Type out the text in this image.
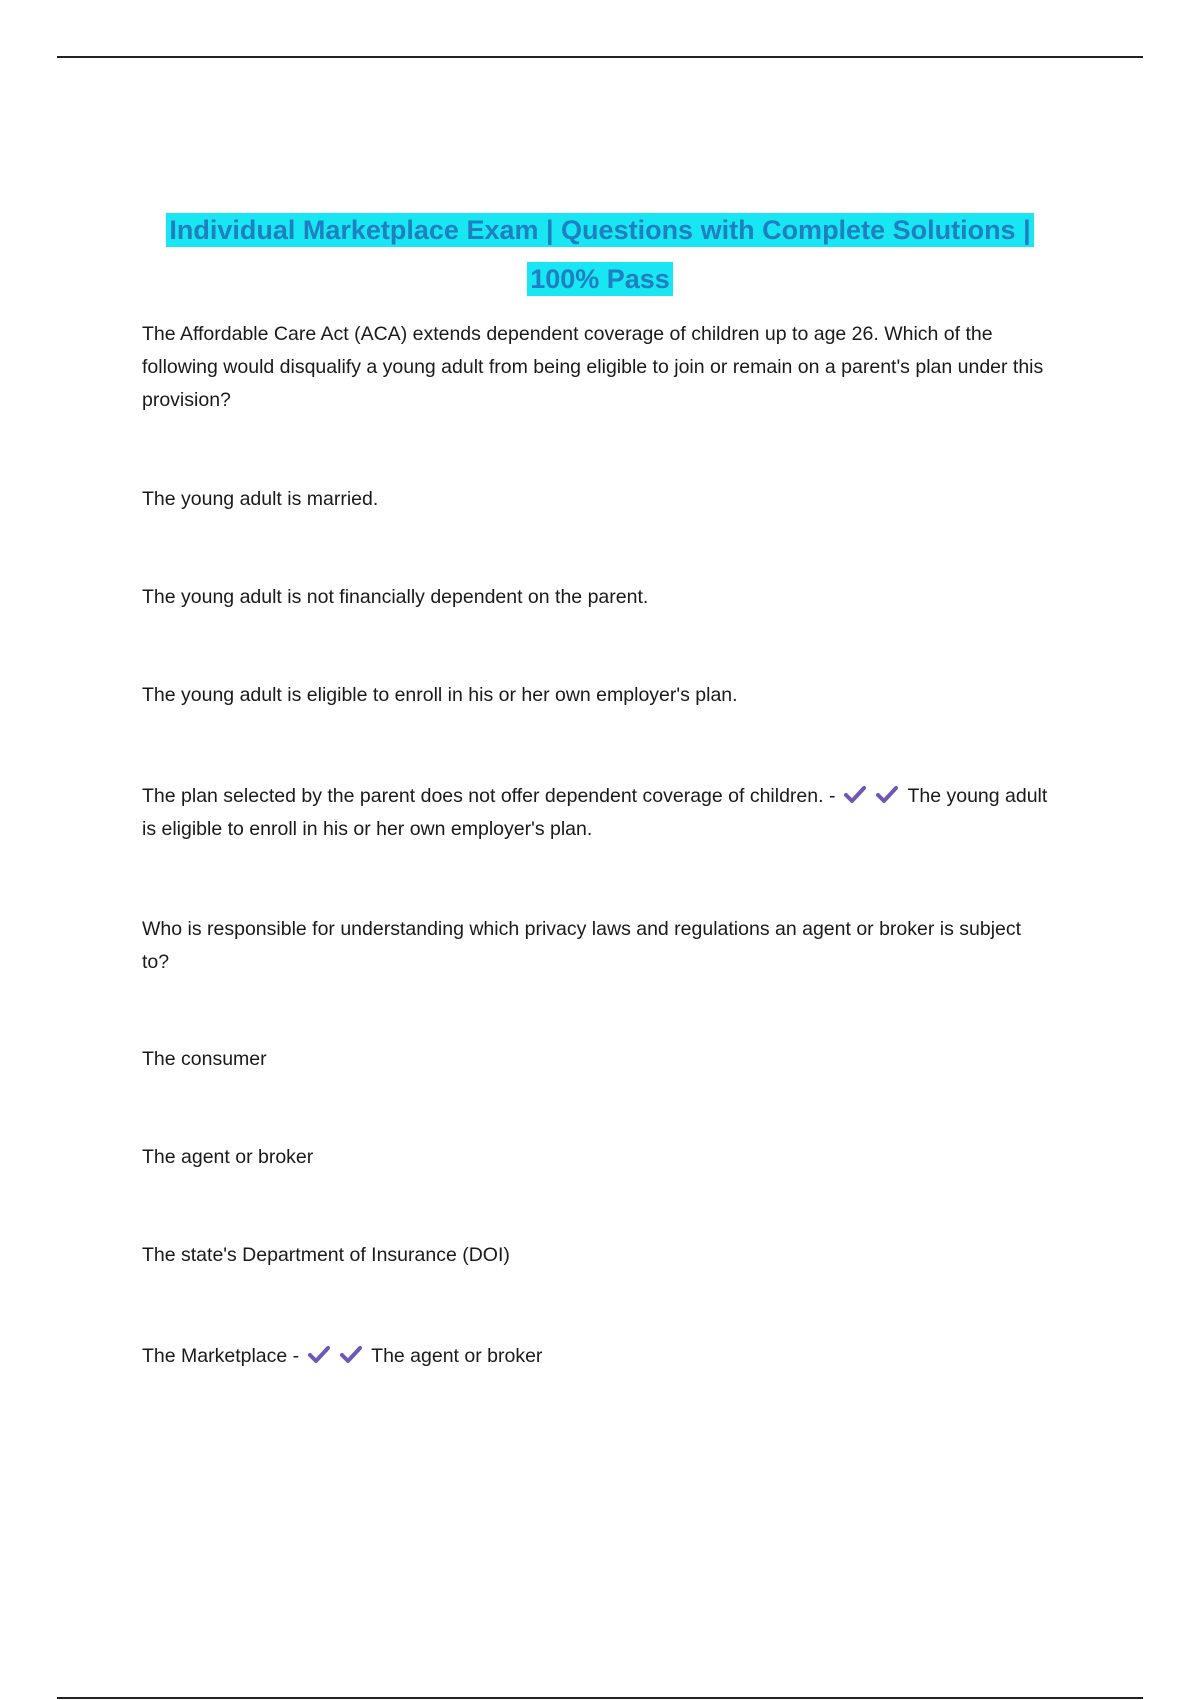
Individual Marketplace Exam | Questions with Complete Solutions | 100% Pass

The Affordable Care Act (ACA) extends dependent coverage of children up to age 26. Which of the following would disqualify a young adult from being eligible to join or remain on a parent's plan under this provision?

The young adult is married.

The young adult is not financially dependent on the parent.

The young adult is eligible to enroll in his or her own employer's plan.

The plan selected by the parent does not offer dependent coverage of children. -	The young adult is eligible to enroll in his or her own employer's plan.

Who is responsible for understanding which privacy laws and regulations an agent or broker is subject to?

The consumer

The agent or broker

The state's Department of Insurance (DOI)

The Marketplace -	The agent or broker
